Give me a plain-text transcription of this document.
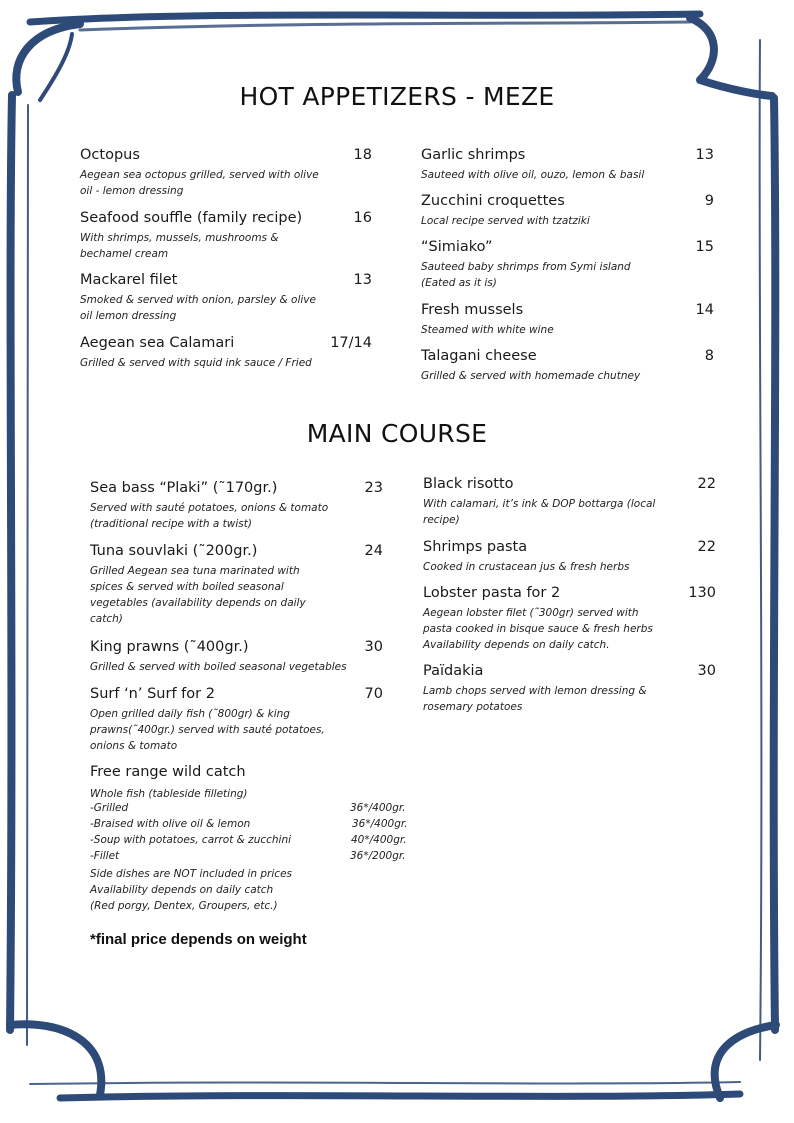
HOT APPETIZERS - MEZE
Octopus	18
Aegean sea octopus grilled, served with olive
oil - lemon dressing
Seafood souffle (family recipe)	16
With shrimps, mussels, mushrooms &
bechamel cream
Mackarel filet	13
Smoked & served with onion, parsley & olive
oil lemon dressing
Aegean sea Calamari	17/14
Grilled & served with squid ink sauce / Fried
Garlic shrimps	13
Sauteed with olive oil, ouzo, lemon & basil
Zucchini croquettes	9
Local recipe served with tzatziki
“Simiako”	15
Sauteed baby shrimps from Symi island
(Eated as it is)
Fresh mussels	14
Steamed with white wine
Talagani cheese	8
Grilled & served with homemade chutney
MAIN COURSE
Sea bass “Plaki” (˜170gr.)	23
Served with sauté potatoes, onions & tomato
(traditional recipe with a twist)
Tuna souvlaki (˜200gr.)	24
Grilled Aegean sea tuna marinated with
spices & served with boiled seasonal
vegetables (availability depends on daily
catch)
King prawns (˜400gr.)	30
Grilled & served with boiled seasonal vegetables
Surf ‘n’ Surf for 2	70
Open grilled daily fish (˜800gr) & king
prawns(˜400gr.) served with sauté potatoes,
onions & tomato
Black risotto	22
With calamari, it’s ink & DOP bottarga (local
recipe)
Shrimps pasta	22
Cooked in crustacean jus & fresh herbs
Lobster pasta for 2	130
Aegean lobster filet (˜300gr) served with
pasta cooked in bisque sauce & fresh herbs
Availability depends on daily catch.
Païdakia	30
Lamb chops served with lemon dressing &
rosemary potatoes
Free range wild catch
Whole fish (tableside filleting)
-Grilled	36*/400gr.
-Braised with olive oil & lemon	36*/400gr.
-Soup with potatoes, carrot & zucchini	40*/400gr.
-Fillet	36*/200gr.
Side dishes are NOT included in prices
Availability depends on daily catch
(Red porgy, Dentex, Groupers, etc.)
*final price depends on weight
